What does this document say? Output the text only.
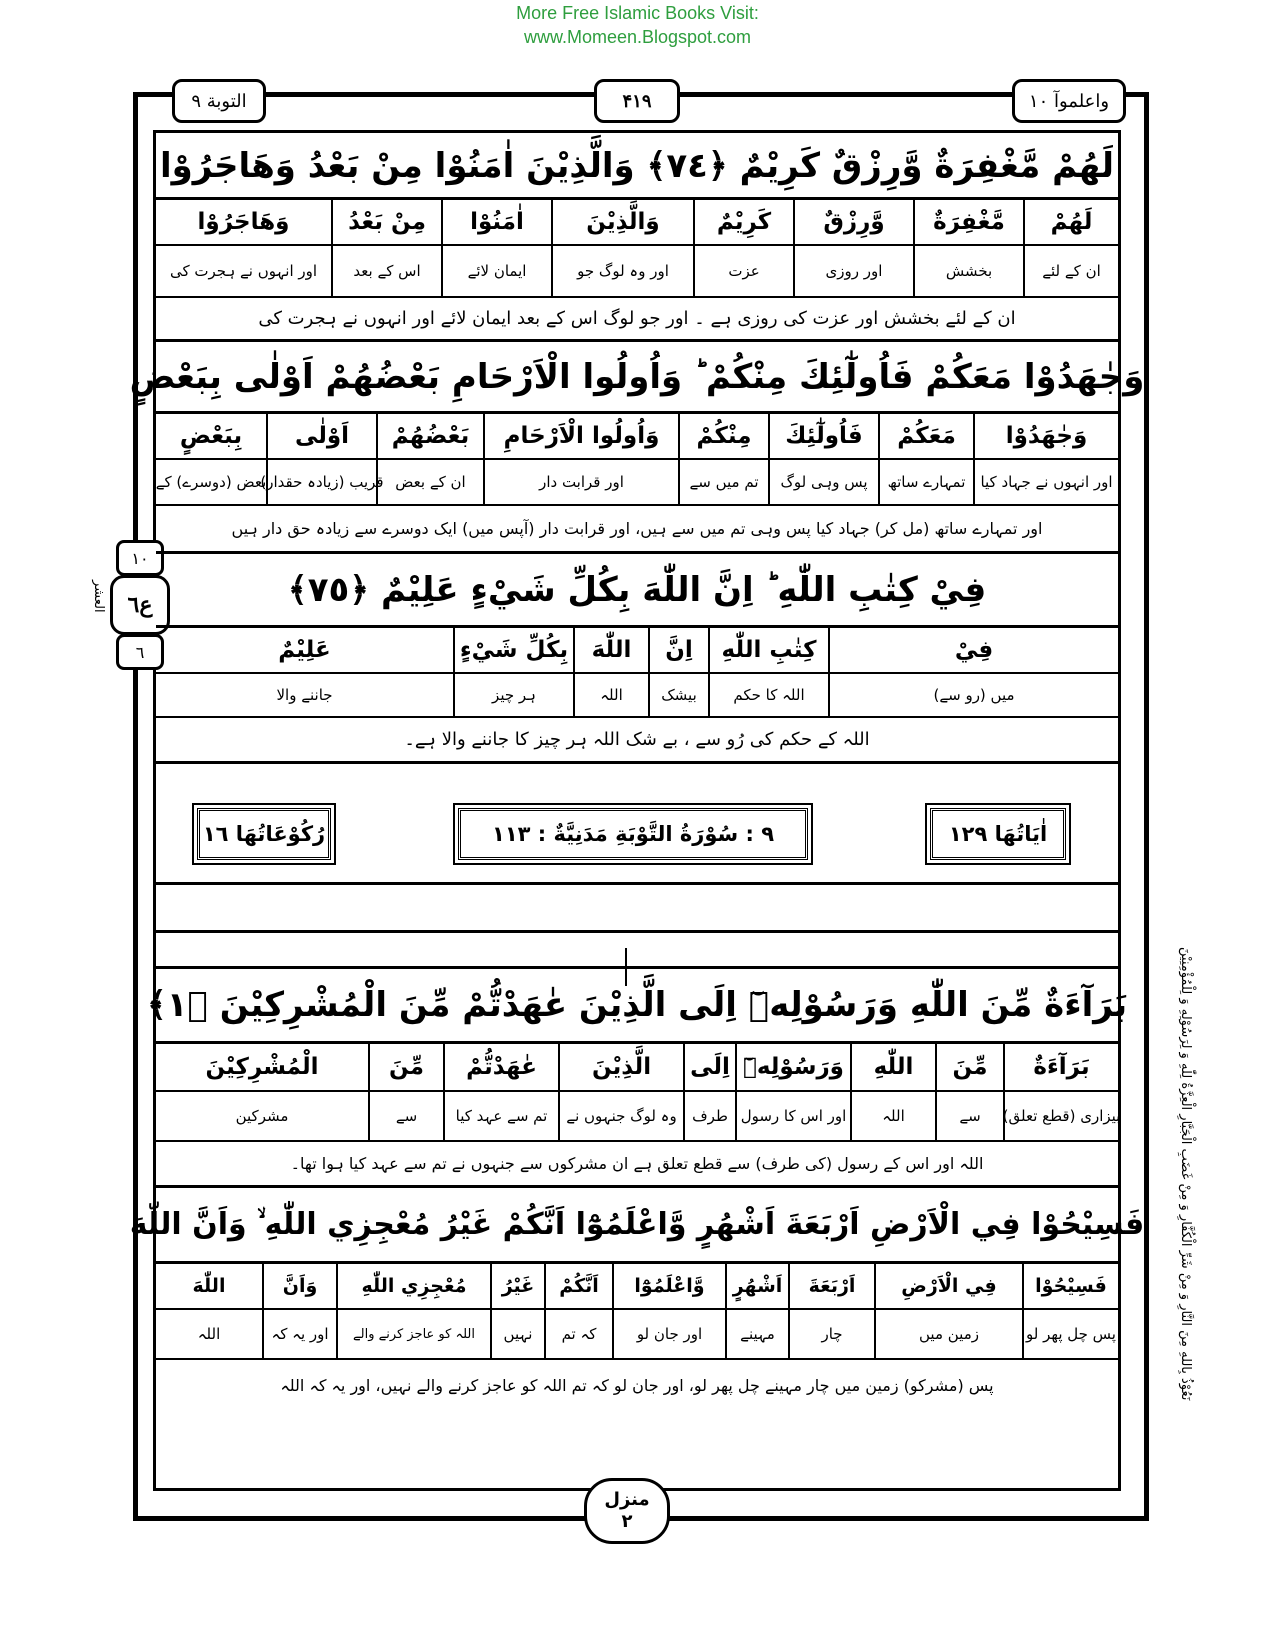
More Free Islamic Books Visit:
www.Momeen.Blogspot.com
التوبة ٩	۴۱۹	واعلموآ ١٠
١٠
ع٦
٦
العشر
نَعُوْذُ بِاللهِ مِنَ النَّارِ وَ مِنْ شَرِّ الْكُفَّارِ وَ مِنْ غَضَبِ الْجَبَّارِ الْعِزَّةُ لِلّٰهِ وَ لِرَسُوْلِهِ وَ لِلْمُؤْمِنِيْنَ
لَهُمْ مَّغْفِرَةٌ وَّرِزْقٌ كَرِيْمٌ ﴿٧٤﴾ وَالَّذِيْنَ اٰمَنُوْا مِنْ بَعْدُ وَهَاجَرُوْا
لَهُمْ
مَّغْفِرَةٌ
وَّرِزْقٌ
كَرِيْمٌ
وَالَّذِيْنَ
اٰمَنُوْا
مِنْ بَعْدُ
وَهَاجَرُوْا
ان کے لئے
بخشش
اور روزی
عزت
اور وہ لوگ جو
ایمان لائے
اس کے بعد
اور انہوں نے ہجرت کی
ان کے لئے بخشش اور عزت کی روزی ہے ۔ اور جو لوگ اس کے بعد ایمان لائے اور انہوں نے ہجرت کی
وَجٰهَدُوْا مَعَكُمْ فَاُولٰٓئِكَ مِنْكُمْ ؕ وَاُولُوا الْاَرْحَامِ بَعْضُهُمْ اَوْلٰى بِبَعْضٍ
وَجٰهَدُوْا
مَعَكُمْ
فَاُولٰٓئِكَ
مِنْكُمْ
وَاُولُوا الْاَرْحَامِ
بَعْضُهُمْ
اَوْلٰى
بِبَعْضٍ
اور انہوں نے جہاد کیا
تمہارے ساتھ
پس وہی لوگ
تم میں سے
اور قرابت دار
ان کے بعض
قریب (زیادہ حقدار)
بعض (دوسرے) کے
اور تمہارے ساتھ (مل کر) جہاد کیا پس وہی تم میں سے ہیں، اور قرابت دار (آپس میں) ایک دوسرے سے زیادہ حق دار ہیں
فِيْ كِتٰبِ اللّٰهِ ؕ اِنَّ اللّٰهَ بِكُلِّ شَيْءٍ عَلِيْمٌ ﴿٧٥﴾
فِيْ
كِتٰبِ اللّٰهِ
اِنَّ
اللّٰهَ
بِكُلِّ شَيْءٍ
عَلِيْمٌ
میں (رو سے)
اللہ کا حکم
بیشک
اللہ
ہر چیز
جاننے والا
اللہ کے حکم کی رُو سے ، بے شک اللہ ہر چیز کا جاننے والا ہے۔
اٰيَاتُهَا ١٢٩
٩ : سُوْرَةُ التَّوْبَةِ مَدَنِيَّةٌ : ١١٣
رُكُوْعَاتُهَا ١٦
بَرَآءَةٌ مِّنَ اللّٰهِ وَرَسُوْلِهٖٓ اِلَى الَّذِيْنَ عٰهَدْتُّمْ مِّنَ الْمُشْرِكِيْنَ ﴿١﴾
بَرَآءَةٌ
مِّنَ
اللّٰهِ
وَرَسُوْلِهٖٓ
اِلَى
الَّذِيْنَ
عٰهَدْتُّمْ
مِّنَ
الْمُشْرِكِيْنَ
بیزاری (قطع تعلق)
سے
اللہ
اور اس کا رسول
طرف
وہ لوگ جنہوں نے
تم سے عہد کیا
سے
مشرکین
اللہ اور اس کے رسول (کی طرف) سے قطع تعلق ہے ان مشرکوں سے جنہوں نے تم سے عہد کیا ہوا تھا۔
فَسِيْحُوْا فِي الْاَرْضِ اَرْبَعَةَ اَشْهُرٍ وَّاعْلَمُوْٓا اَنَّكُمْ غَيْرُ مُعْجِزِي اللّٰهِ ۙ وَاَنَّ اللّٰهَ
فَسِيْحُوْا
فِي الْاَرْضِ
اَرْبَعَةَ
اَشْهُرٍ
وَّاعْلَمُوْٓا
اَنَّكُمْ
غَيْرُ
مُعْجِزِي اللّٰهِ
وَاَنَّ
اللّٰهَ
پس چل پھر لو
زمین میں
چار
مہینے
اور جان لو
کہ تم
نہیں
اللہ کو عاجز کرنے والے
اور یہ کہ
اللہ
پس (مشرکو) زمین میں چار مہینے چل پھر لو، اور جان لو کہ تم اللہ کو عاجز کرنے والے نہیں، اور یہ کہ اللہ
منزل
٢
